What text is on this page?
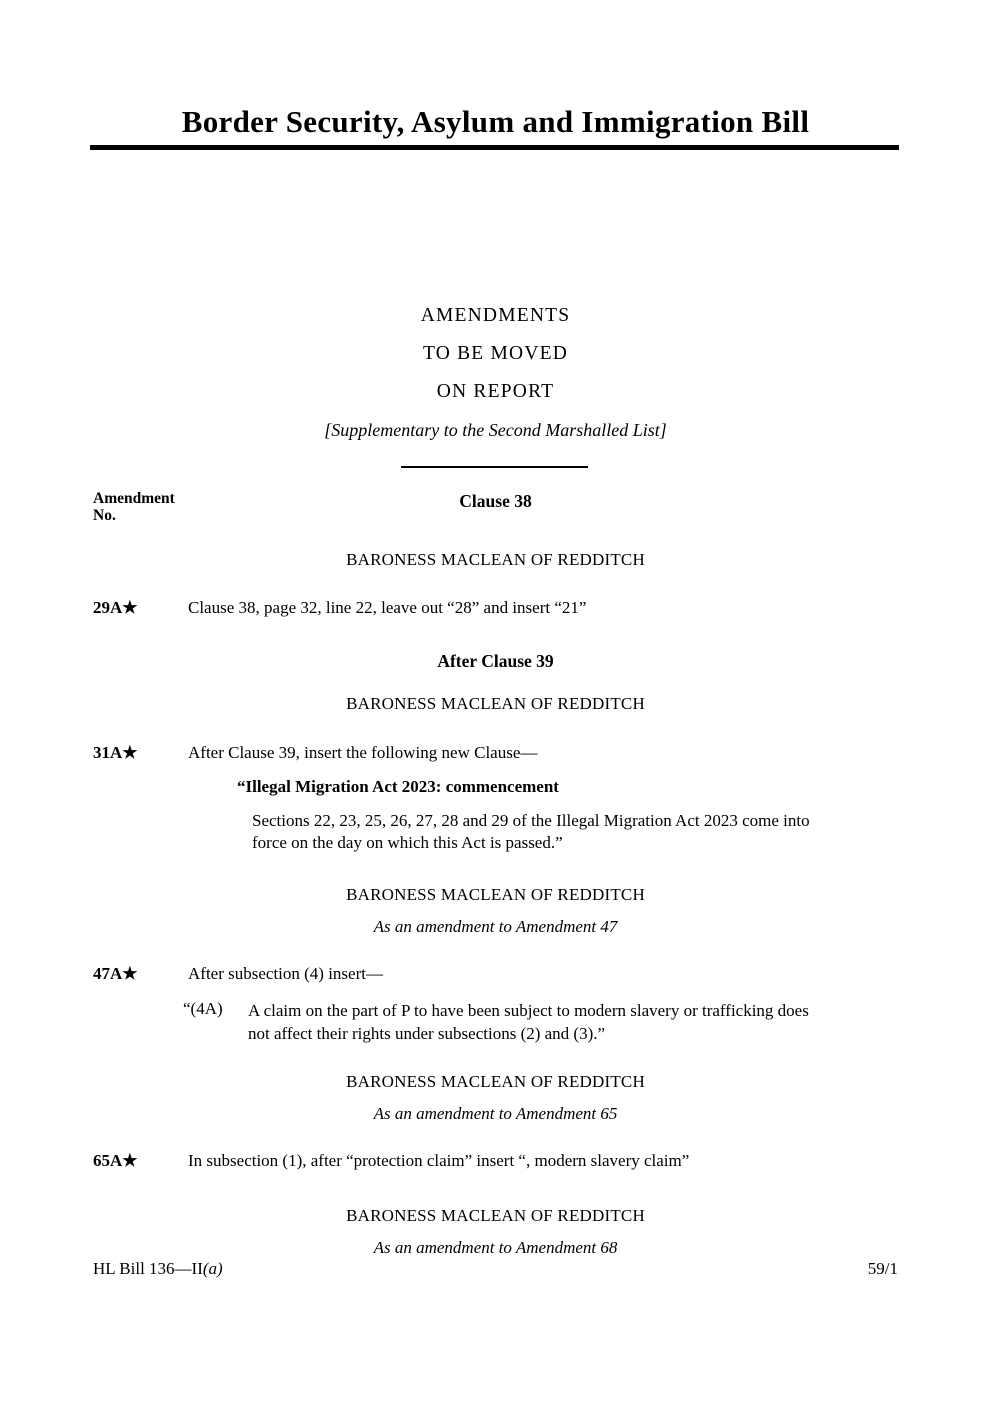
Border Security, Asylum and Immigration Bill
AMENDMENTS
TO BE MOVED
ON REPORT
[Supplementary to the Second Marshalled List]
Amendment
No.
Clause 38
BARONESS MACLEAN OF REDDITCH
29A★	Clause 38, page 32, line 22, leave out “28” and insert “21”
After Clause 39
BARONESS MACLEAN OF REDDITCH
31A★	After Clause 39, insert the following new Clause—
“Illegal Migration Act 2023: commencement
Sections 22, 23, 25, 26, 27, 28 and 29 of the Illegal Migration Act 2023 come into
force on the day on which this Act is passed.”
BARONESS MACLEAN OF REDDITCH
As an amendment to Amendment 47
47A★	After subsection (4) insert—
“(4A) A claim on the part of P to have been subject to modern slavery or trafficking does
not affect their rights under subsections (2) and (3).”
BARONESS MACLEAN OF REDDITCH
As an amendment to Amendment 65
65A★	In subsection (1), after “protection claim” insert “, modern slavery claim”
BARONESS MACLEAN OF REDDITCH
As an amendment to Amendment 68
HL Bill 136—II(a)	59/1
